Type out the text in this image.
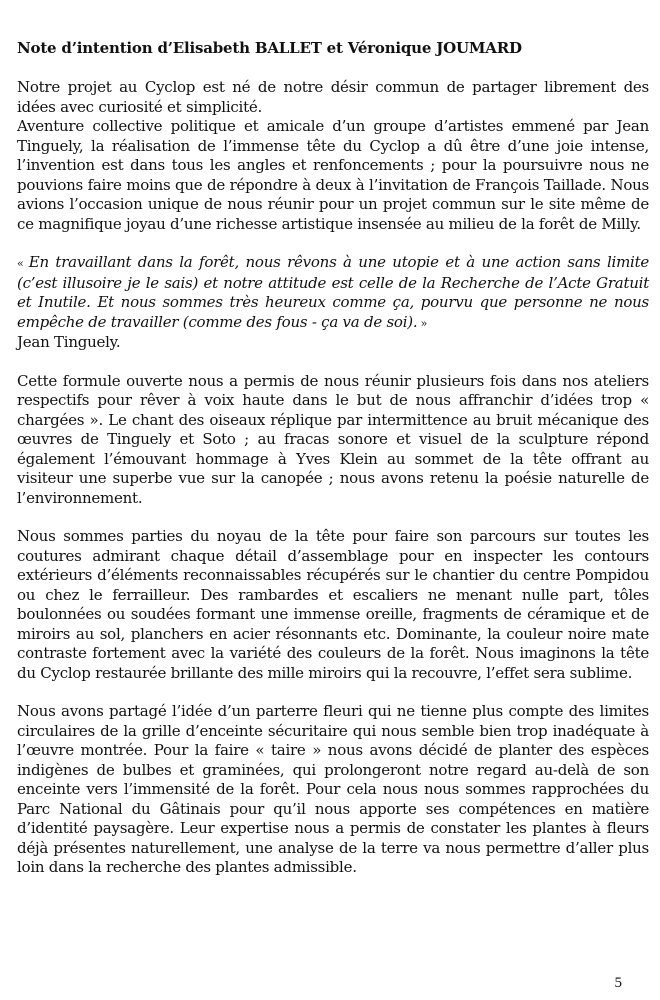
Note d’intention d’Elisabeth BALLET et Véronique JOUMARD

Notre projet au Cyclop est né de notre désir commun de partager librement des idées avec curiosité et simplicité.

Aventure collective politique et amicale d’un groupe d’artistes emmené par Jean Tinguely, la réalisation de l’immense tête du Cyclop a dû être d’une joie intense, l’invention est dans tous les angles et renfoncements ; pour la poursuivre nous ne pouvions faire moins que de répondre à deux à l’invitation de François Taillade. Nous avions l’occasion unique de nous réunir pour un projet commun sur le site même de ce magnifique joyau d’une richesse artistique insensée au milieu de la forêt de Milly.

« En travaillant dans la forêt, nous rêvons à une utopie et à une action sans limite (c’est illusoire je le sais) et notre attitude est celle de la Recherche de l’Acte Gratuit et Inutile. Et nous sommes très heureux comme ça, pourvu que personne ne nous empêche de travailler (comme des fous - ça va de soi). »
Jean Tinguely.

Cette formule ouverte nous a permis de nous réunir plusieurs fois dans nos ateliers respectifs pour rêver à voix haute dans le but de nous affranchir d’idées trop « chargées ». Le chant des oiseaux réplique par intermittence au bruit mécanique des œuvres de Tinguely et Soto ; au fracas sonore et visuel de la sculpture répond également l’émouvant hommage à Yves Klein au sommet de la tête offrant au visiteur une superbe vue sur la canopée ; nous avons retenu la poésie naturelle de l’environnement.

Nous sommes parties du noyau de la tête pour faire son parcours sur toutes les coutures admirant chaque détail d’assemblage pour en inspecter les contours extérieurs d’éléments reconnaissables récupérés sur le chantier du centre Pompidou ou chez le ferrailleur. Des rambardes et escaliers ne menant nulle part, tôles boulonnées ou soudées formant une immense oreille, fragments de céramique et de miroirs au sol, planchers en acier résonnants etc. Dominante, la couleur noire mate contraste fortement avec la variété des couleurs de la forêt. Nous imaginons la tête du Cyclop restaurée brillante des mille miroirs qui la recouvre, l’effet sera sublime.

Nous avons partagé l’idée d’un parterre fleuri qui ne tienne plus compte des limites circulaires de la grille d’enceinte sécuritaire qui nous semble bien trop inadéquate à l’œuvre montrée. Pour la faire « taire » nous avons décidé de planter des espèces indigènes de bulbes et graminées, qui prolongeront notre regard au-delà de son enceinte vers l’immensité de la forêt. Pour cela nous nous sommes rapprochées du Parc National du Gâtinais pour qu’il nous apporte ses compétences en matière d’identité paysagère. Leur expertise nous a permis de constater les plantes à fleurs déjà présentes naturellement, une analyse de la terre va nous permettre d’aller plus loin dans la recherche des plantes admissible.

5
